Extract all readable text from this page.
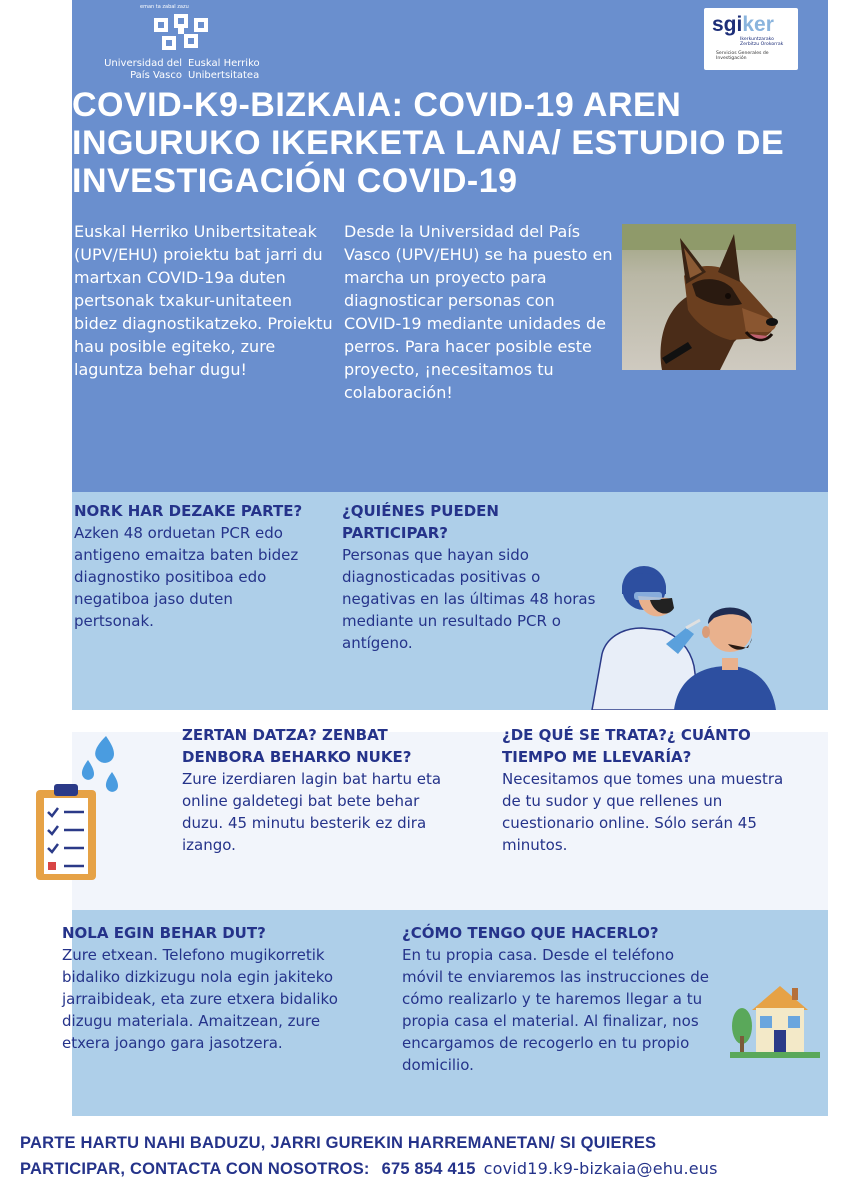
eman ta zabal zazu
Universidad del País Vasco
Euskal Herriko Unibertsitatea
sgiker
Ikerkuntzarako Zerbitzu Orokorrak
Servicios Generales de Investigación
COVID-K9-BIZKAIA: COVID-19 AREN INGURUKO IKERKETA LANA/ ESTUDIO DE INVESTIGACIÓN COVID-19
Euskal Herriko Unibertsitateak (UPV/EHU) proiektu bat jarri du martxan COVID-19a duten pertsonak txakur-unitateen bidez diagnostikatzeko. Proiektu hau posible egiteko, zure laguntza behar dugu!
Desde la Universidad del País Vasco (UPV/EHU) se ha puesto en marcha un proyecto para diagnosticar personas con COVID-19 mediante unidades de perros. Para hacer posible este proyecto, ¡necesitamos tu colaboración!
NORK HAR DEZAKE PARTE?
Azken 48 orduetan PCR edo antigeno emaitza baten bidez diagnostiko positiboa edo negatiboa jaso duten pertsonak.
¿QUIÉNES PUEDEN PARTICIPAR?
Personas que hayan sido diagnosticadas positivas o negativas en las últimas 48 horas mediante un resultado PCR o antígeno.
ZERTAN DATZA? ZENBAT DENBORA BEHARKO NUKE?
Zure izerdiaren lagin bat hartu eta online galdetegi bat bete behar duzu. 45 minutu besterik ez dira izango.
¿DE QUÉ SE TRATA?¿ CUÁNTO TIEMPO ME LLEVARÍA?
Necesitamos que tomes una muestra de tu sudor y que rellenes un cuestionario online. Sólo serán 45 minutos.
NOLA EGIN BEHAR DUT?
Zure etxean. Telefono mugikorretik bidaliko dizkizugu nola egin jakiteko jarraibideak, eta zure etxera bidaliko dizugu materiala. Amaitzean, zure etxera joango gara jasotzera.
¿CÓMO TENGO QUE HACERLO?
En tu propia casa. Desde el teléfono móvil te enviaremos las instrucciones de cómo realizarlo y te haremos llegar a tu propia casa el material. Al finalizar, nos encargamos de recogerlo en tu propio domicilio.
PARTE HARTU NAHI BADUZU, JARRI GUREKIN HARREMANETAN/ SI QUIERES
PARTICIPAR, CONTACTA CON NOSOTROS: 675 854 415 covid19.k9-bizkaia@ehu.eus
